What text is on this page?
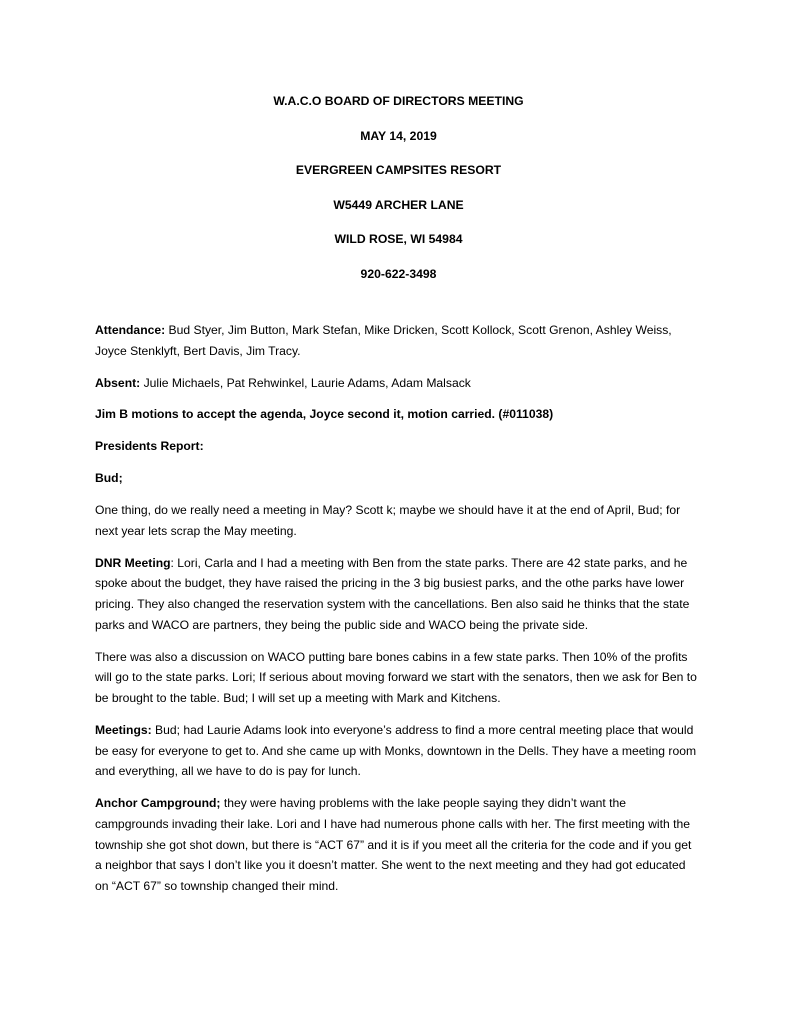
W.A.C.O BOARD OF DIRECTORS MEETING

MAY 14, 2019

EVERGREEN CAMPSITES RESORT

W5449 ARCHER LANE

WILD ROSE, WI 54984

920-622-3498

Attendance: Bud Styer, Jim Button, Mark Stefan, Mike Dricken, Scott Kollock, Scott Grenon, Ashley Weiss, Joyce Stenklyft, Bert Davis, Jim Tracy.

Absent: Julie Michaels, Pat Rehwinkel, Laurie Adams, Adam Malsack

Jim B motions to accept the agenda, Joyce second it, motion carried. (#011038)

Presidents Report:

Bud;

One thing, do we really need a meeting in May? Scott k; maybe we should have it at the end of April, Bud; for next year lets scrap the May meeting.

DNR Meeting: Lori, Carla and I had a meeting with Ben from the state parks. There are 42 state parks, and he spoke about the budget, they have raised the pricing in the 3 big busiest parks, and the othe parks have lower pricing. They also changed the reservation system with the cancellations. Ben also said he thinks that the state parks and WACO are partners, they being the public side and WACO being the private side.

There was also a discussion on WACO putting bare bones cabins in a few state parks. Then 10% of the profits will go to the state parks. Lori; If serious about moving forward we start with the senators, then we ask for Ben to be brought to the table. Bud; I will set up a meeting with Mark and Kitchens.

Meetings: Bud; had Laurie Adams look into everyone’s address to find a more central meeting place that would be easy for everyone to get to. And she came up with Monks, downtown in the Dells. They have a meeting room and everything, all we have to do is pay for lunch.

Anchor Campground; they were having problems with the lake people saying they didn’t want the campgrounds invading their lake. Lori and I have had numerous phone calls with her. The first meeting with the township she got shot down, but there is “ACT 67” and it is if you meet all the criteria for the code and if you get a neighbor that says I don’t like you it doesn’t matter. She went to the next meeting and they had got educated on “ACT 67” so township changed their mind.
